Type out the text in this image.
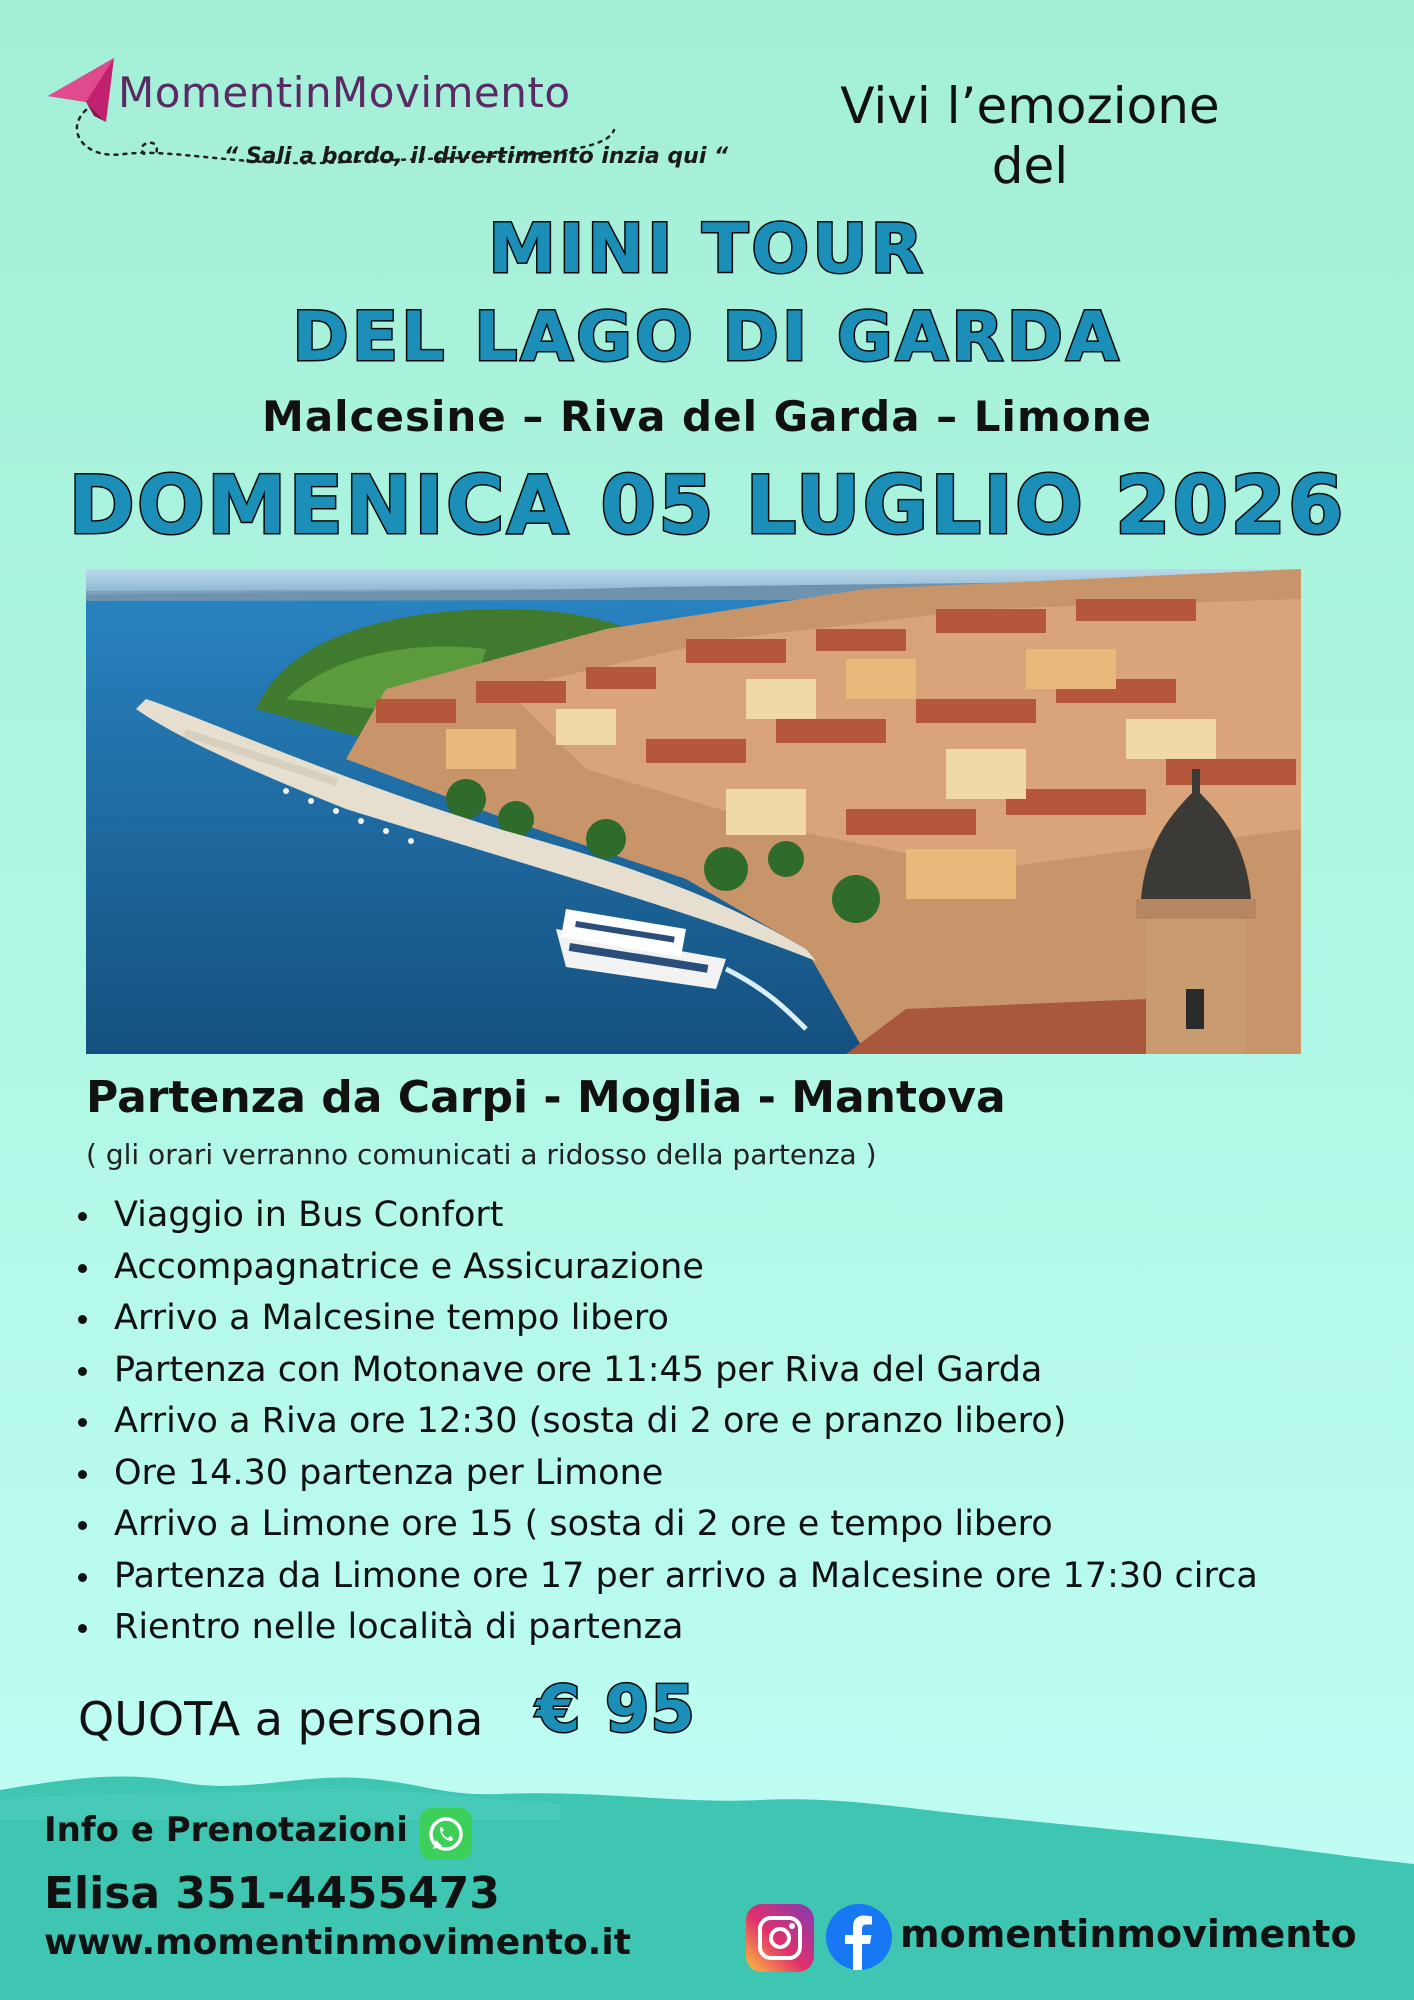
MomentinMovimento
“ Sali a bordo, il divertimento inzia qui “
Vivi l’emozione
del
MINI TOUR
DEL LAGO DI GARDA
Malcesine – Riva del Garda – Limone
DOMENICA 05 LUGLIO 2026
Partenza da Carpi - Moglia - Mantova
( gli orari verranno comunicati a ridosso della partenza )
Viaggio in Bus Confort
Accompagnatrice e Assicurazione
Arrivo a Malcesine tempo libero
Partenza con Motonave ore 11:45 per Riva del Garda
Arrivo a Riva ore 12:30 (sosta di 2 ore e pranzo libero)
Ore 14.30 partenza per Limone
Arrivo a Limone ore 15 ( sosta di 2 ore e tempo libero
Partenza da Limone ore 17 per arrivo a Malcesine ore 17:30 circa
Rientro nelle località di partenza
QUOTA a persona € 95
Info e Prenotazioni
Elisa 351-4455473
www.momentinmovimento.it	momentinmovimento
